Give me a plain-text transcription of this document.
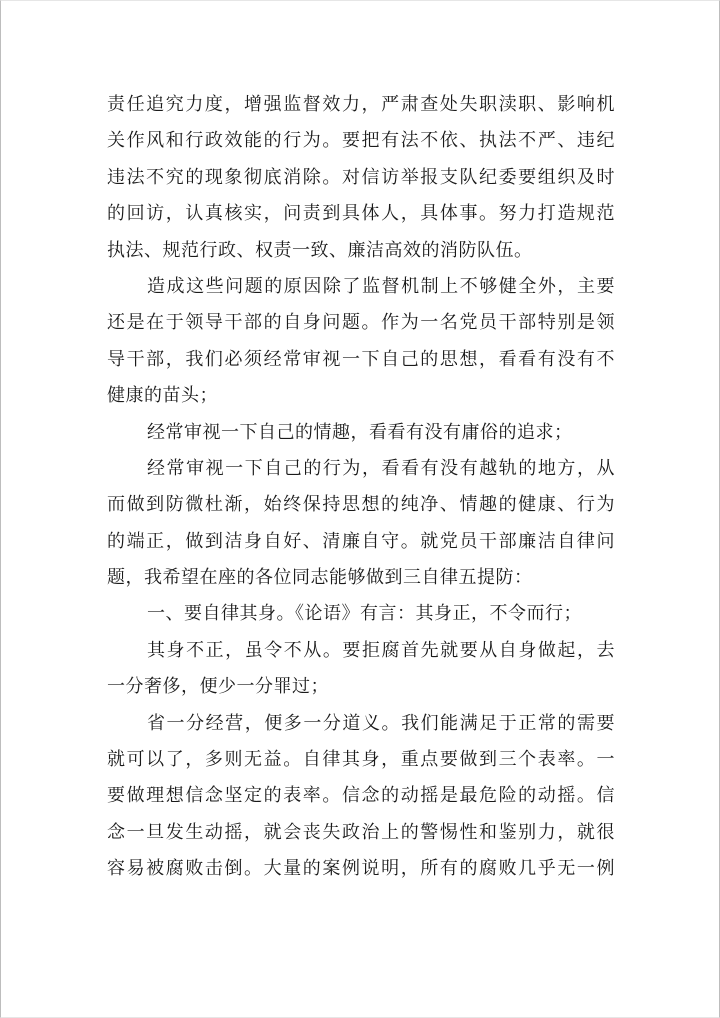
责任追究力度，增强监督效力，严肃查处失职渎职、影响机
关作风和行政效能的行为。要把有法不依、执法不严、违纪
违法不究的现象彻底消除。对信访举报支队纪委要组织及时
的回访，认真核实，问责到具体人，具体事。努力打造规范
执法、规范行政、权责一致、廉洁高效的消防队伍。
造成这些问题的原因除了监督机制上不够健全外，主要
还是在于领导干部的自身问题。作为一名党员干部特别是领
导干部，我们必须经常审视一下自己的思想，看看有没有不
健康的苗头；
经常审视一下自己的情趣，看看有没有庸俗的追求；
经常审视一下自己的行为，看看有没有越轨的地方，从
而做到防微杜渐，始终保持思想的纯净、情趣的健康、行为
的端正，做到洁身自好、清廉自守。就党员干部廉洁自律问
题，我希望在座的各位同志能够做到三自律五提防：
一、要自律其身。《论语》有言：其身正，不令而行；
其身不正，虽令不从。要拒腐首先就要从自身做起，去
一分奢侈，便少一分罪过；
省一分经营，便多一分道义。我们能满足于正常的需要
就可以了，多则无益。自律其身，重点要做到三个表率。一
要做理想信念坚定的表率。信念的动摇是最危险的动摇。信
念一旦发生动摇，就会丧失政治上的警惕性和鉴别力，就很
容易被腐败击倒。大量的案例说明，所有的腐败几乎无一例
